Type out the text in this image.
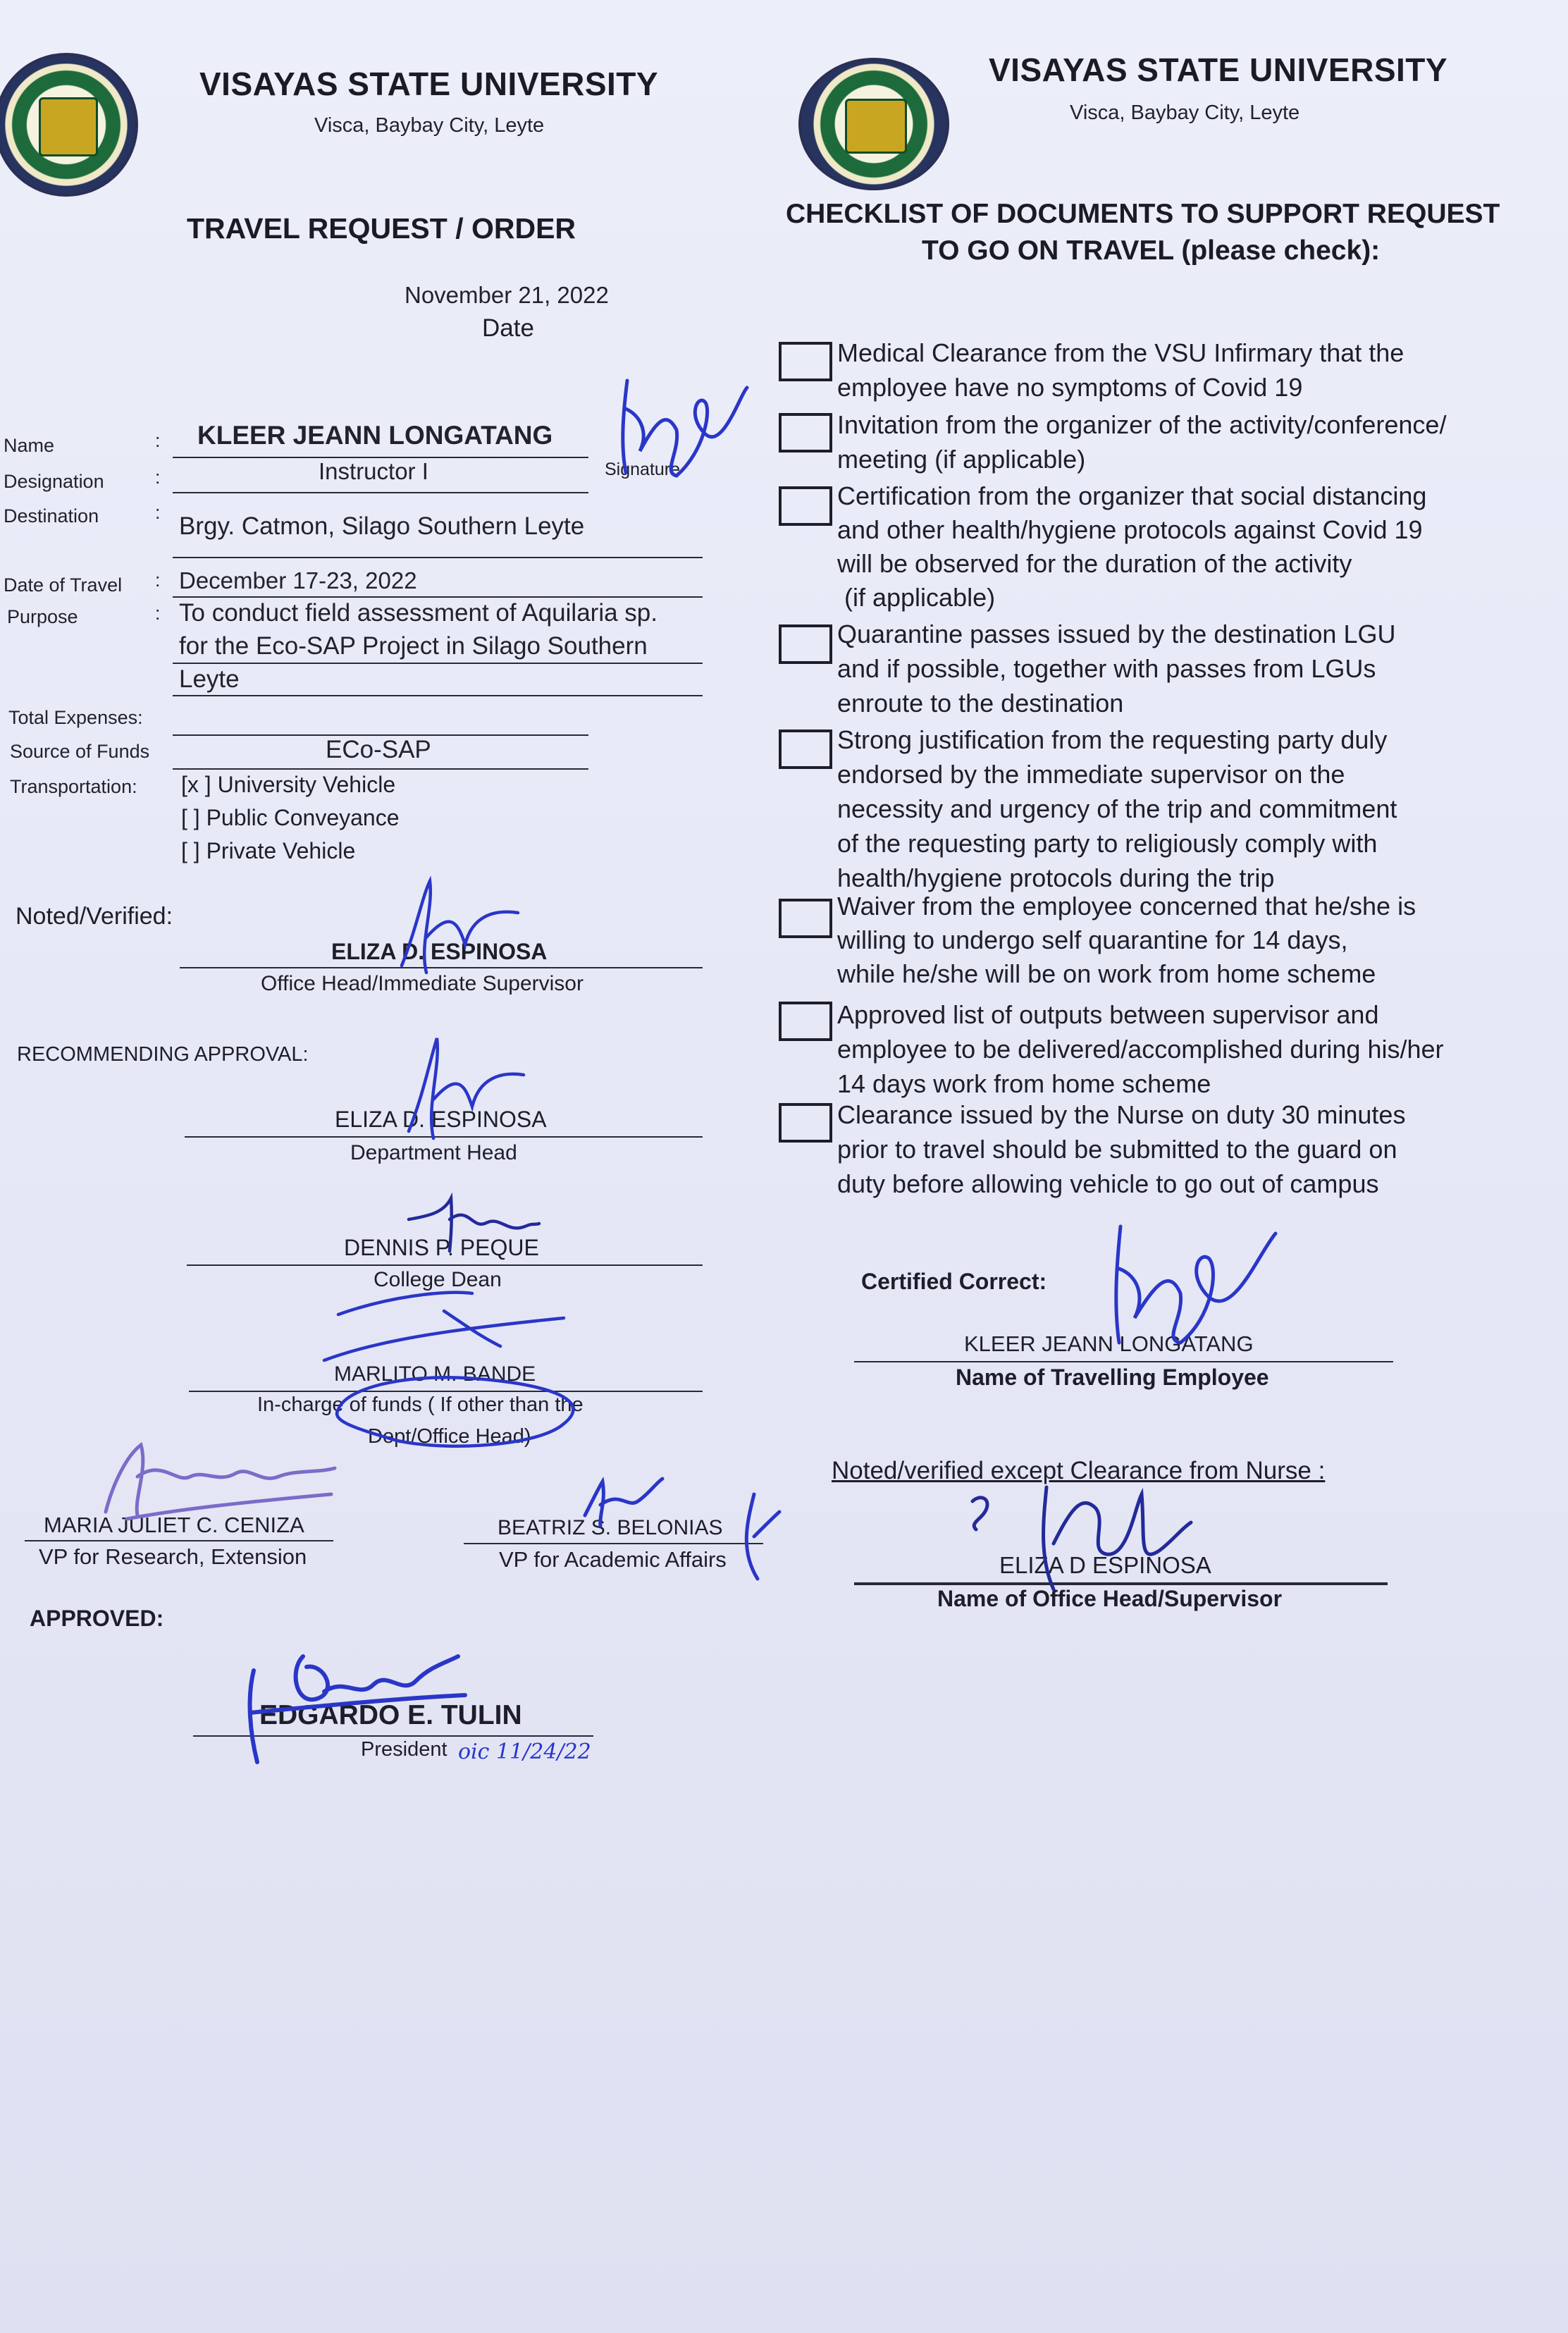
VISAYAS STATE UNIVERSITY
Visca, Baybay City, Leyte
VISAYAS STATE UNIVERSITY
Visca, Baybay City, Leyte
TRAVEL REQUEST / ORDER
November 21, 2022
Date
Name	: KLEER JEANN LONGATANG
Signature
Designation	:	Instructor I
Destination	: Brgy. Catmon, Silago Southern Leyte
Date of Travel : December 17-23, 2022
Purpose	: To conduct field assessment of Aquilaria sp.
for the Eco-SAP Project in Silago Southern
Leyte
Total Expenses:
Source of Funds	ECo-SAP
Transportation: [x ] University Vehicle
[ ] Public Conveyance
[ ] Private Vehicle
Noted/Verified:
ELIZA D. ESPINOSA
Office Head/Immediate Supervisor
RECOMMENDING APPROVAL:
ELIZA D. ESPINOSA
Department Head
DENNIS P. PEQUE
College Dean
MARLITO M. BANDE
In-charge of funds ( If other than the
Dept/Office Head)
MARIA JULIET C. CENIZA
VP for Research, Extension
BEATRIZ S. BELONIAS
VP for Academic Affairs
APPROVED:
EDGARDO E. TULIN
President oic 11/24/22
CHECKLIST OF DOCUMENTS TO SUPPORT REQUEST
TO GO ON TRAVEL (please check):
Medical Clearance from the VSU Infirmary that the
employee have no symptoms of Covid 19
Invitation from the organizer of the activity/conference/
meeting (if applicable)
Certification from the organizer that social distancing
and other health/hygiene protocols against Covid 19
will be observed for the duration of the activity
(if applicable)
Quarantine passes issued by the destination LGU
and if possible, together with passes from LGUs
enroute to the destination
Strong justification from the requesting party duly
endorsed by the immediate supervisor on the
necessity and urgency of the trip and commitment
of the requesting party to religiously comply with
health/hygiene protocols during the trip
Waiver from the employee concerned that he/she is
willing to undergo self quarantine for 14 days,
while he/she will be on work from home scheme
Approved list of outputs between supervisor and
employee to be delivered/accomplished during his/her
14 days work from home scheme
Clearance issued by the Nurse on duty 30 minutes
prior to travel should be submitted to the guard on
duty before allowing vehicle to go out of campus
Certified Correct:
KLEER JEANN LONGATANG
Name of Travelling Employee
Noted/verified except Clearance from Nurse :
ELIZA D ESPINOSA
Name of Office Head/Supervisor
